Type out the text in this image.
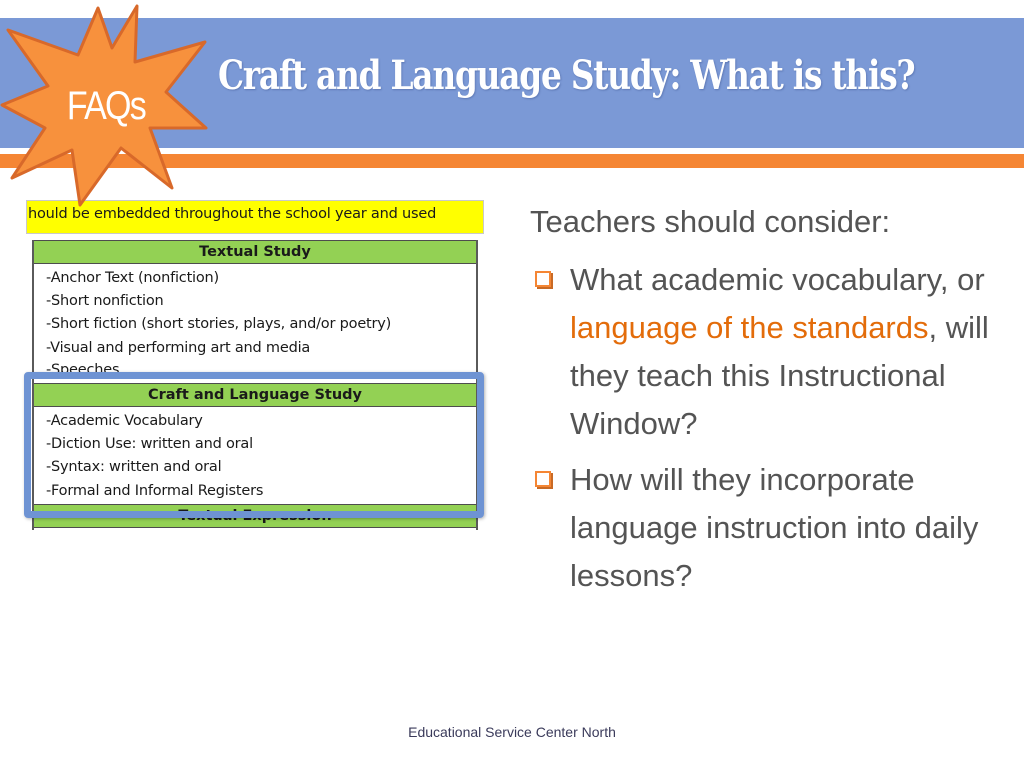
Craft and Language Study: What is this?
hould be embedded throughout the school year and used
Textual Study
-Anchor Text (nonfiction)
-Short nonfiction
-Short fiction (short stories, plays, and/or poetry)
-Visual and performing art and media
-Speeches
Craft and Language Study
-Academic Vocabulary
-Diction Use: written and oral
-Syntax: written and oral
-Formal and Informal Registers
Textual Expression
FAQs
Teachers should consider:
What academic vocabulary, or language of the standards, will they teach this Instructional Window?
How will they incorporate language instruction into daily lessons?
Educational Service Center North
